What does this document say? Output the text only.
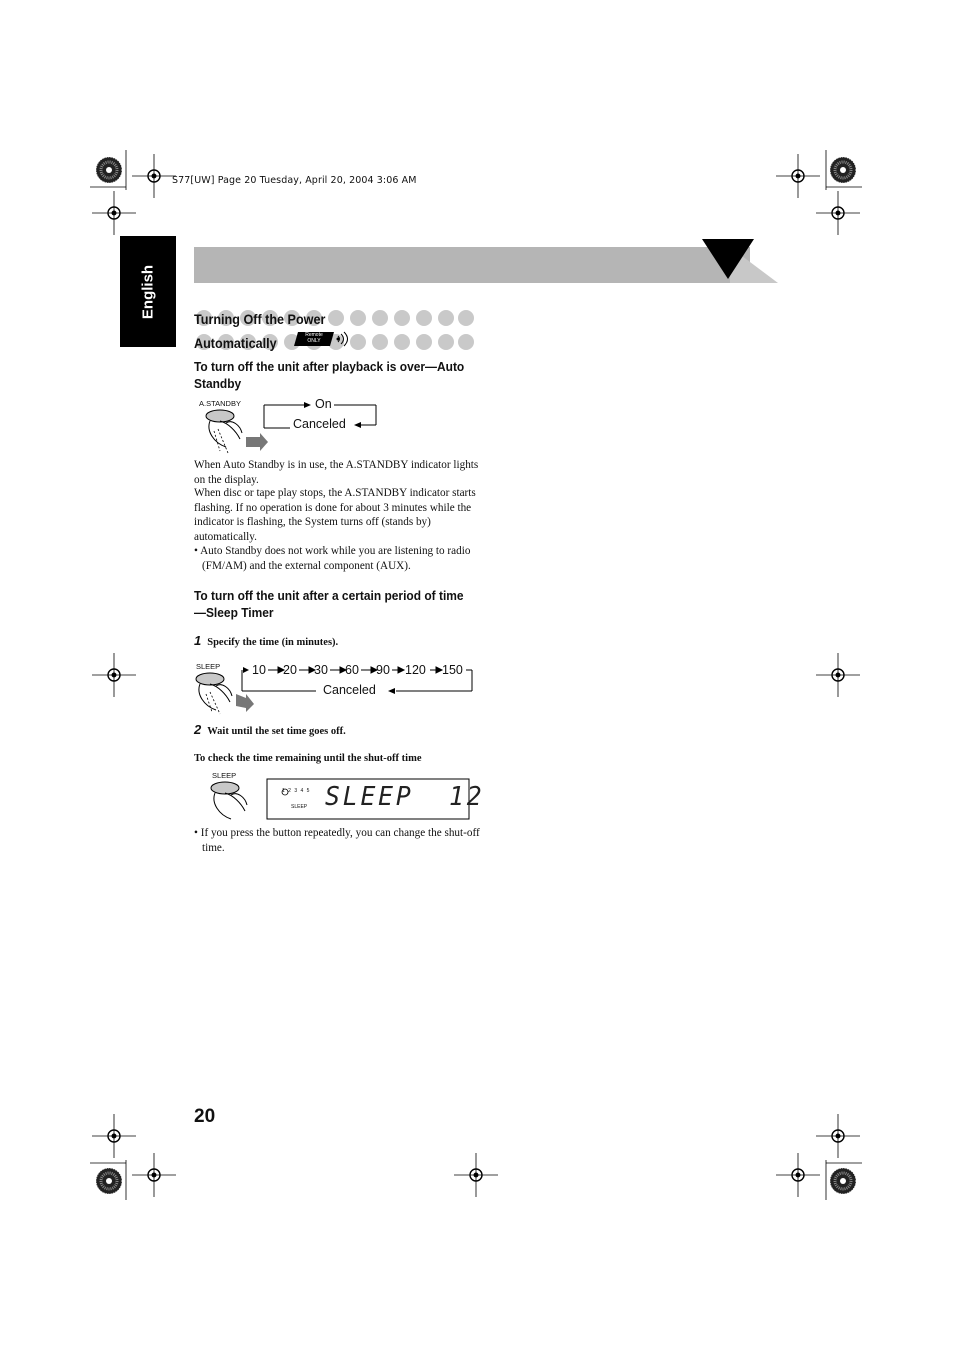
S77[UW] Page 20 Tuesday, April 20, 2004 3:06 AM
English
Turning Off the Power
Automatically	Remote ONLY
To turn off the unit after playback is over—Auto Standby
A.STANDBY	On
Canceled
When Auto Standby is in use, the A.STANDBY indicator lights on the display.
When disc or tape play stops, the A.STANDBY indicator starts flashing. If no operation is done for about 3 minutes while the indicator is flashing, the System turns off (stands by) automatically.
• Auto Standby does not work while you are listening to radio (FM/AM) and the external component (AUX).
To turn off the unit after a certain period of time—Sleep Timer
1 Specify the time (in minutes).
SLEEP	10 20 30 60 90 120 150
Canceled
2 Wait until the set time goes off.
To check the time remaining until the shut-off time
SLEEP
1 2 3 4 5
SLEEP SLEEP  12
• If you press the button repeatedly, you can change the shut-off time.
20
